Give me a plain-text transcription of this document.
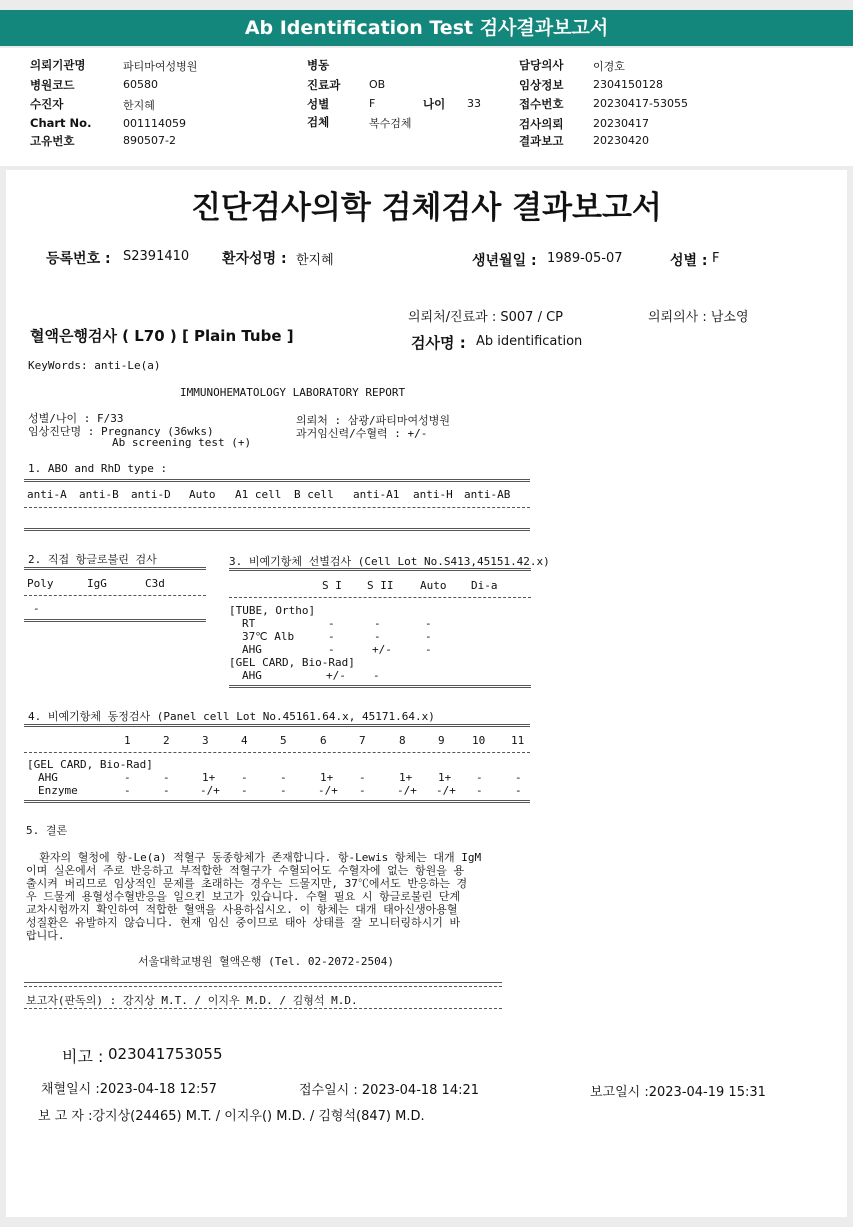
Ab Identification Test 검사결과보고서
의뢰기관명	파티마여성병원
병원코드	60580
수진자	한지혜
Chart No.	001114059
고유번호	890507-2
병동
진료과	OB
성별	F	나이 33
검체	복수검체
담당의사	이경호
임상정보	2304150128
접수번호	20230417-53055
검사의뢰	20230417
결과보고	20230420
진단검사의학 검체검사 결과보고서
등록번호 : S2391410 환자성명 : 한지혜	생년월일 : 1989-05-07	성별 : F
의뢰처/진료과 : S007 / CP	의뢰의사 : 남소영
혈액은행검사 ( L70 ) [ Plain Tube ]	검사명 : Ab identification
KeyWords: anti-Le(a)
IMMUNOHEMATOLOGY LABORATORY REPORT
성별/나이 : F/33
임상진단명 : Pregnancy (36wks)
Ab screening test (+)
의뢰처 : 삼광/파티마여성병원
과거임신력/수혈력 : +/-
1. ABO and RhD type :
anti-A anti-B anti-D Auto A1 cell B cell anti-A1 anti-H anti-AB
2. 직접 항글로불린 검사
Poly	IgG	C3d
-
3. 비예기항체 선별검사 (Cell Lot No.S413,45151.42.x)
S I S II Auto Di-a
[TUBE, Ortho]
RT	-	-	-
37℃ Alb	-	-	-
AHG	-	+/-	-
[GEL CARD, Bio-Rad]
AHG	+/- -
4. 비예기항체 동정검사 (Panel cell Lot No.45161.64.x, 45171.64.x)
1	2	3	4	5	6	7	8	9 10 11
[GEL CARD, Bio-Rad]
AHG	-	-	1+ -	-	1+ -	1+ 1+ -	-
Enzyme	-	-	-/+ -	-	-/+ -	-/+ -/+ -	-
5. 결론
환자의 혈청에 항-Le(a) 적혈구 동종항체가 존재합니다. 항-Lewis 항체는 대개 IgM
이며 실온에서 주로 반응하고 부적합한 적혈구가 수혈되어도 수혈자에 없는 항원을 용
출시켜 버리므로 임상적인 문제를 초래하는 경우는 드물지만, 37℃에서도 반응하는 경
우 드물게 용혈성수혈반응을 일으킨 보고가 있습니다. 수혈 필요 시 항글로불린 단계
교차시험까지 확인하여 적합한 혈액을 사용하십시오. 이 항체는 대개 태아신생아용혈
성질환은 유발하지 않습니다. 현재 임신 중이므로 태아 상태를 잘 모니터링하시기 바
랍니다.
서울대학교병원 혈액은행 (Tel. 02-2072-2504)
보고자(판독의) : 강지상 M.T. / 이지우 M.D. / 김형석 M.D.
비고 : 023041753055
채혈일시 :2023-04-18 12:57	접수일시 : 2023-04-18 14:21	보고일시 :2023-04-19 15:31
보 고 자 :강지상(24465) M.T. / 이지우() M.D. / 김형석(847) M.D.
